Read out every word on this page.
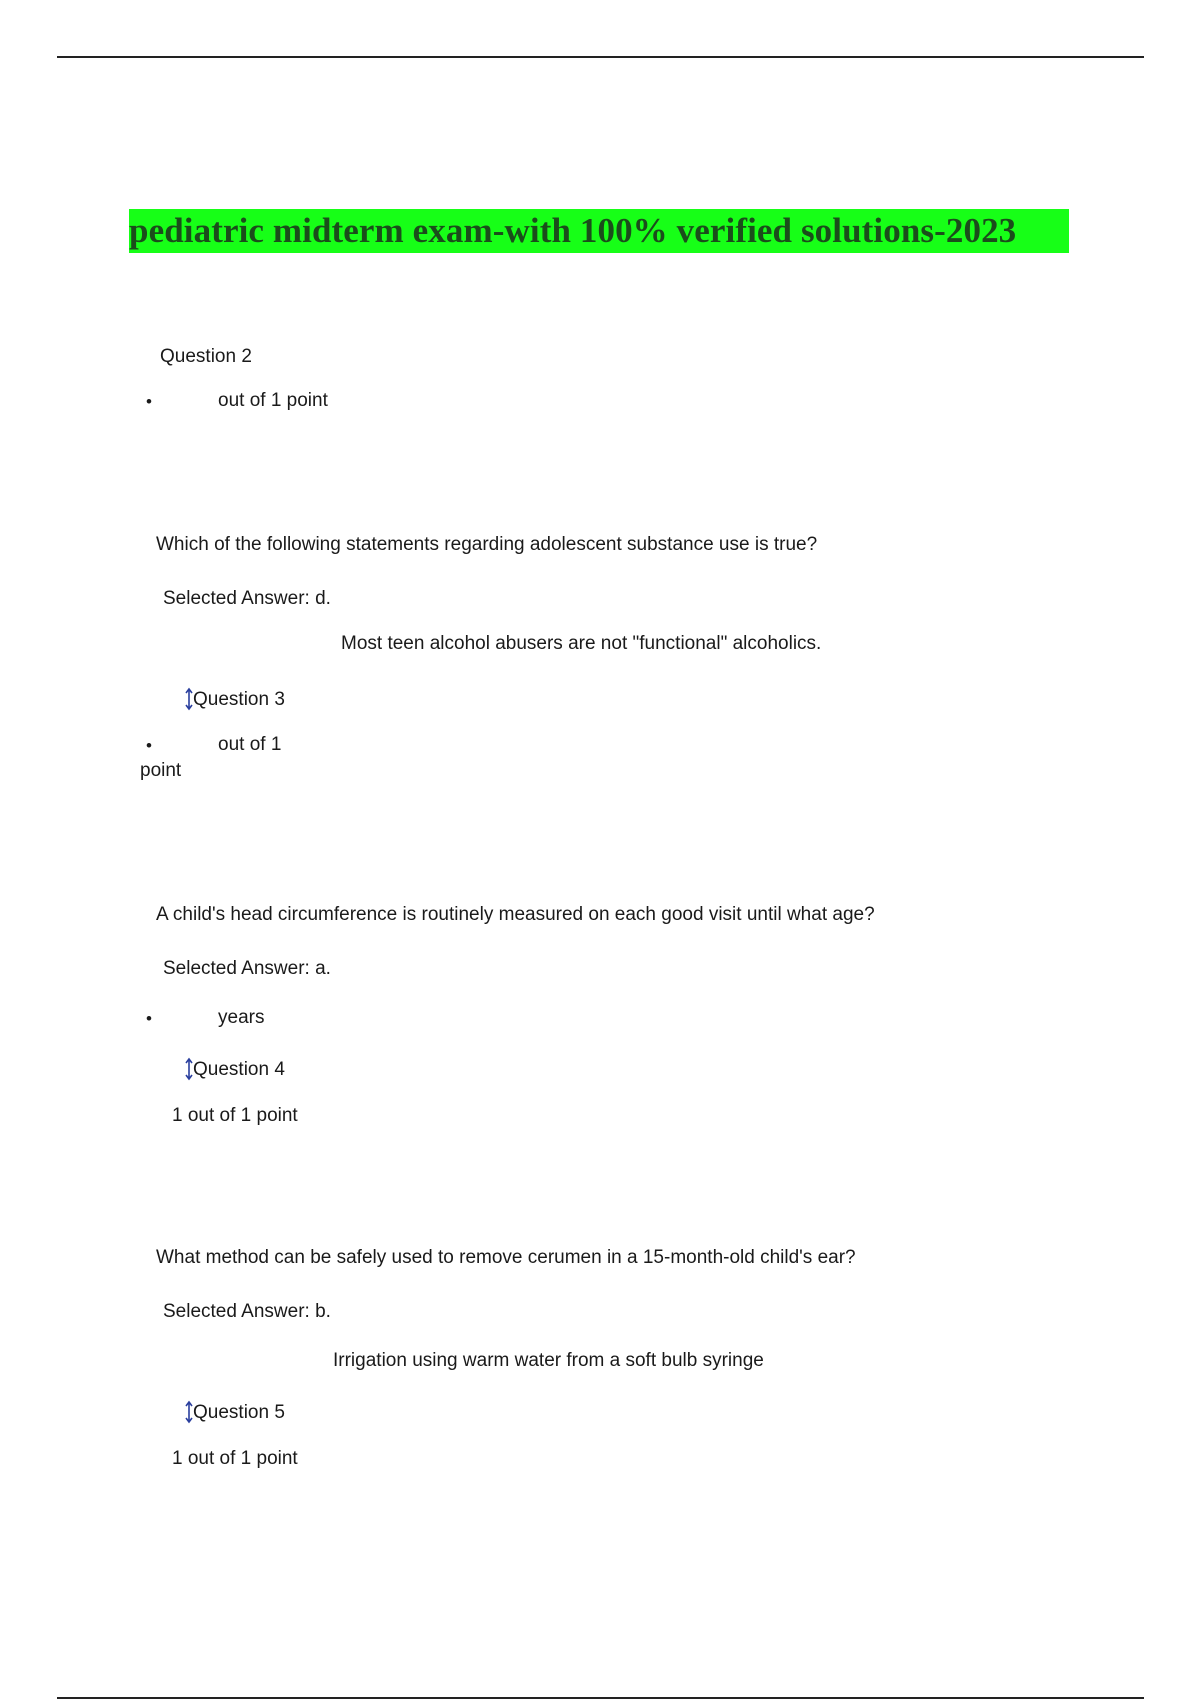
pediatric midterm exam-with 100% verified solutions-2023
Question 2
•	out of 1 point
Which of the following statements regarding adolescent substance use is true?
Selected Answer: d.
Most teen alcohol abusers are not "functional" alcoholics.
Question 3
•	out of 1
point
A child's head circumference is routinely measured on each good visit until what age?
Selected Answer: a.
•	years
Question 4
1 out of 1 point
What method can be safely used to remove cerumen in a 15-month-old child's ear?
Selected Answer: b.
Irrigation using warm water from a soft bulb syringe
Question 5
1 out of 1 point
